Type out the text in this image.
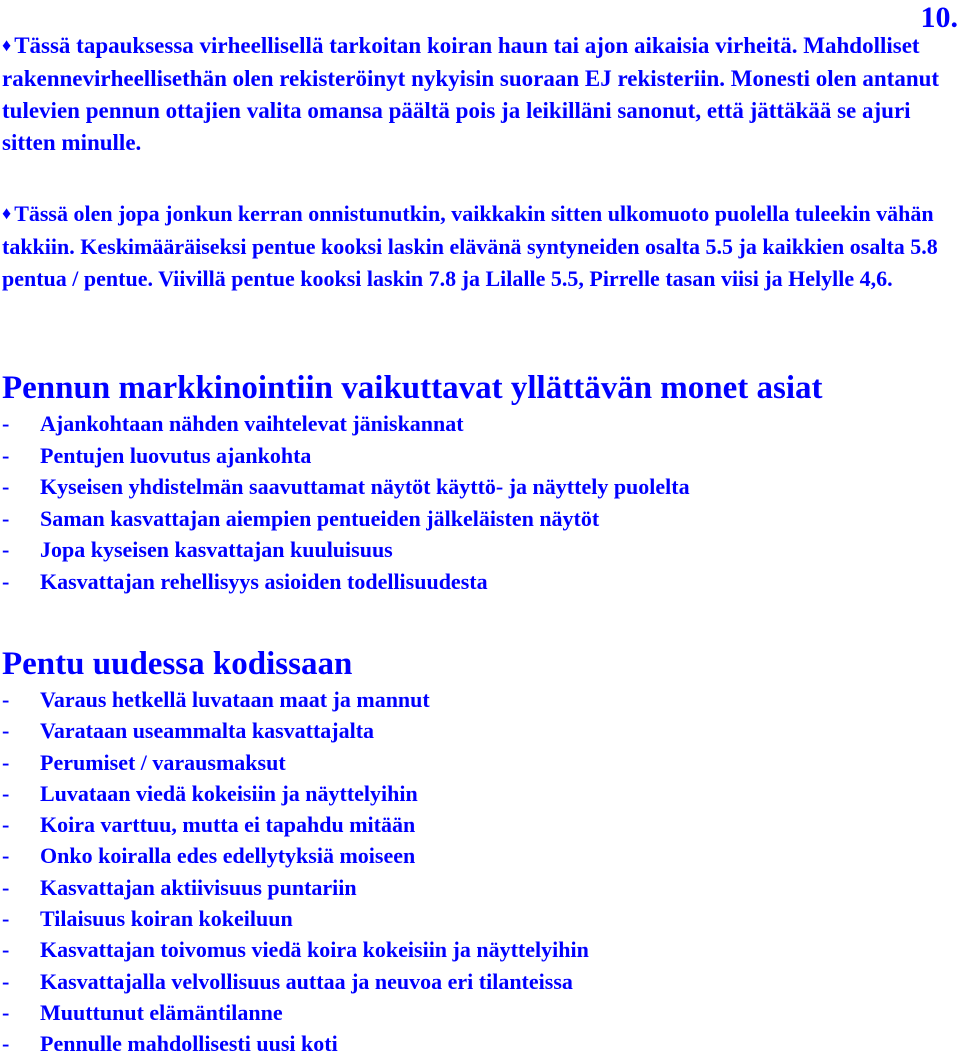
10.

♦ Tässä tapauksessa virheellisellä tarkoitan koiran haun tai ajon aikaisia virheitä. Mahdolliset rakennevirheellisethän olen rekisteröinyt nykyisin suoraan EJ rekisteriin. Monesti olen antanut tulevien pennun ottajien valita omansa päältä pois ja leikilläni sanonut, että jättäkää se ajuri sitten minulle.

♦ Tässä olen jopa jonkun kerran onnistunutkin, vaikkakin sitten ulkomuoto puolella tuleekin vähän takkiin. Keskimääräiseksi pentue kooksi laskin elävänä syntyneiden osalta 5.5 ja kaikkien osalta 5.8 pentua / pentue. Viivillä pentue kooksi laskin 7.8 ja Lilalle 5.5, Pirrelle tasan viisi ja Helylle 4,6.

Pennun markkinointiin vaikuttavat yllättävän monet asiat
- Ajankohtaan nähden vaihtelevat jäniskannat
- Pentujen luovutus ajankohta
- Kyseisen yhdistelmän saavuttamat näytöt käyttö- ja näyttely puolelta
- Saman kasvattajan aiempien pentueiden jälkeläisten näytöt
- Jopa kyseisen kasvattajan kuuluisuus
- Kasvattajan rehellisyys asioiden todellisuudesta
Pentu uudessa kodissaan
- Varaus hetkellä luvataan maat ja mannut
- Varataan useammalta kasvattajalta
- Perumiset / varausmaksut
- Luvataan viedä kokeisiin ja näyttelyihin
- Koira varttuu, mutta ei tapahdu mitään
- Onko koiralla edes edellytyksiä moiseen
- Kasvattajan aktiivisuus puntariin
- Tilaisuus koiran kokeiluun
- Kasvattajan toivomus viedä koira kokeisiin ja näyttelyihin
- Kasvattajalla velvollisuus auttaa ja neuvoa eri tilanteissa
- Muuttunut elämäntilanne
- Pennulle mahdollisesti uusi koti
